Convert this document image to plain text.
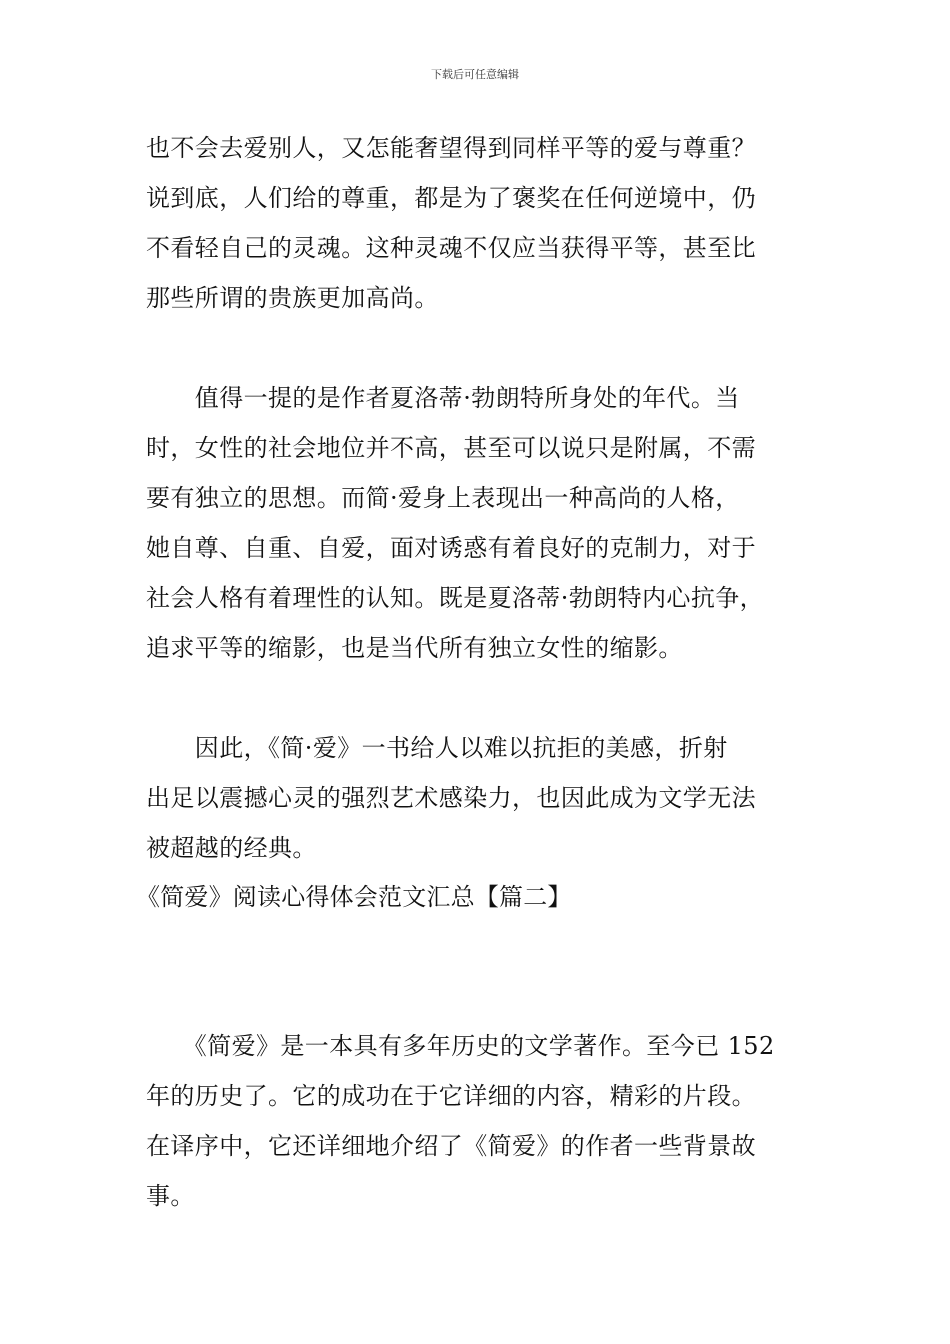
下载后可任意编辑
也不会去爱别人，又怎能奢望得到同样平等的爱与尊重？
说到底，人们给的尊重，都是为了褒奖在任何逆境中，仍
不看轻自己的灵魂。这种灵魂不仅应当获得平等，甚至比
那些所谓的贵族更加高尚。
　　值得一提的是作者夏洛蒂·勃朗特所身处的年代。当
时，女性的社会地位并不高，甚至可以说只是附属，不需
要有独立的思想。而简·爱身上表现出一种高尚的人格，
她自尊、自重、自爱，面对诱惑有着良好的克制力，对于
社会人格有着理性的认知。既是夏洛蒂·勃朗特内心抗争，
追求平等的缩影，也是当代所有独立女性的缩影。
　　因此，《简·爱》一书给人以难以抗拒的美感，折射
出足以震撼心灵的强烈艺术感染力，也因此成为文学无法
被超越的经典。
《简爱》阅读心得体会范文汇总【篇二】
　　《简爱》是一本具有多年历史的文学著作。至今已 152
年的历史了。它的成功在于它详细的内容，精彩的片段。
在译序中，它还详细地介绍了《简爱》的作者一些背景故
事。
